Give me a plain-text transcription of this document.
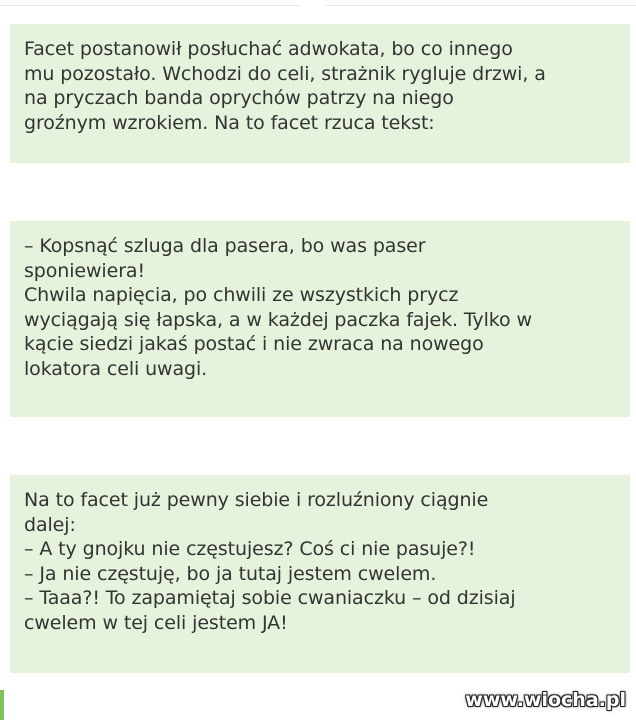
Facet postanowił posłuchać adwokata, bo co innego

mu pozostało. Wchodzi do celi, strażnik rygluje drzwi, a

na pryczach banda oprychów patrzy na niego

groźnym wzrokiem. Na to facet rzuca tekst:

– Kopsnąć szluga dla pasera, bo was paser

sponiewiera!

Chwila napięcia, po chwili ze wszystkich prycz

wyciągają się łapska, a w każdej paczka fajek. Tylko w

kącie siedzi jakaś postać i nie zwraca na nowego

lokatora celi uwagi.

Na to facet już pewny siebie i rozluźniony ciągnie

dalej:

– A ty gnojku nie częstujesz? Coś ci nie pasuje?!

– Ja nie częstuję, bo ja tutaj jestem cwelem.

– Taaa?! To zapamiętaj sobie cwaniaczku – od dzisiaj

cwelem w tej celi jestem JA!

www.wiocha.pl
